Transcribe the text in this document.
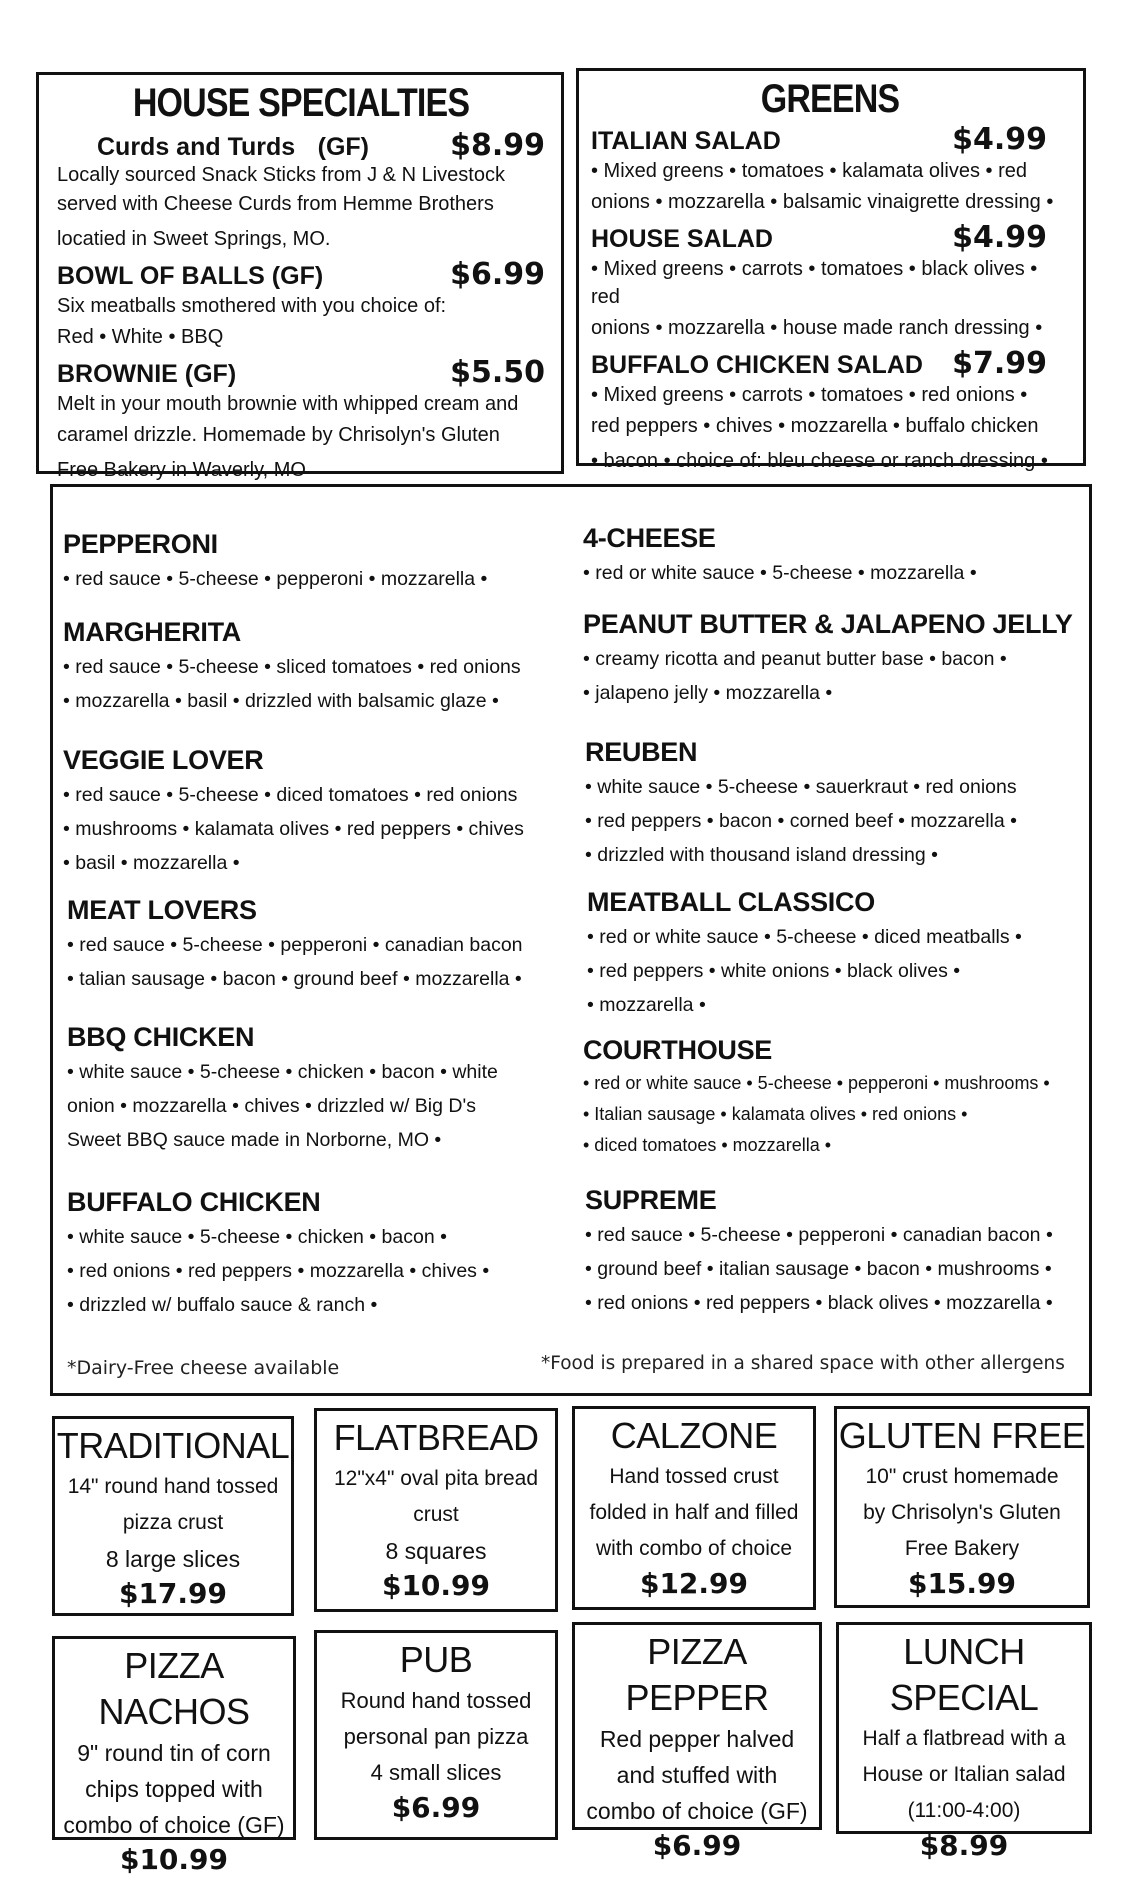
HOUSE SPECIALTIES
Curds and Turds (GF)	$8.99
Locally sourced Snack Sticks from J & N Livestock
served with Cheese Curds from Hemme Brothers
locatied in Sweet Springs, MO.
BOWL OF BALLS (GF)	$6.99
Six meatballs smothered with you choice of:
Red • White • BBQ
BROWNIE (GF)	$5.50
Melt in your mouth brownie with whipped cream and
caramel drizzle. Homemade by Chrisolyn's Gluten
Free Bakery in Waverly, MO
GREENS
ITALIAN SALAD	$4.99
• Mixed greens • tomatoes • kalamata olives • red
onions • mozzarella • balsamic vinaigrette dressing •
HOUSE SALAD	$4.99
• Mixed greens • carrots • tomatoes • black olives • red
onions • mozzarella • house made ranch dressing •
BUFFALO CHICKEN SALAD $7.99
• Mixed greens • carrots • tomatoes • red onions •
red peppers • chives • mozzarella • buffalo chicken
• bacon • choice of: bleu cheese or ranch dressing •
PEPPERONI
• red sauce • 5-cheese • pepperoni • mozzarella •
MARGHERITA
• red sauce • 5-cheese • sliced tomatoes • red onions
• mozzarella • basil • drizzled with balsamic glaze •
VEGGIE LOVER
• red sauce • 5-cheese • diced tomatoes • red onions
• mushrooms • kalamata olives • red peppers • chives
• basil • mozzarella •
MEAT LOVERS
• red sauce • 5-cheese • pepperoni • canadian bacon
• talian sausage • bacon • ground beef • mozzarella •
BBQ CHICKEN
• white sauce • 5-cheese • chicken • bacon • white
onion • mozzarella • chives • drizzled w/ Big D's
Sweet BBQ sauce made in Norborne, MO •
BUFFALO CHICKEN
• white sauce • 5-cheese • chicken • bacon •
• red onions • red peppers • mozzarella • chives •
• drizzled w/ buffalo sauce & ranch •
4-CHEESE
• red or white sauce • 5-cheese • mozzarella •
PEANUT BUTTER & JALAPENO JELLY
• creamy ricotta and peanut butter base • bacon •
• jalapeno jelly • mozzarella •
REUBEN
• white sauce • 5-cheese • sauerkraut • red onions
• red peppers • bacon • corned beef • mozzarella •
• drizzled with thousand island dressing •
MEATBALL CLASSICO
• red or white sauce • 5-cheese • diced meatballs •
• red peppers • white onions • black olives •
• mozzarella •
COURTHOUSE
• red or white sauce • 5-cheese • pepperoni • mushrooms •
• Italian sausage • kalamata olives • red onions •
• diced tomatoes • mozzarella •
SUPREME
• red sauce • 5-cheese • pepperoni • canadian bacon •
• ground beef • italian sausage • bacon • mushrooms •
• red onions • red peppers • black olives • mozzarella •
*Dairy-Free cheese available	*Food is prepared in a shared space with other allergens
TRADITIONAL
14" round hand tossed
pizza crust
8 large slices
$17.99
FLATBREAD
12"x4" oval pita bread
crust
8 squares
$10.99
CALZONE
Hand tossed crust
folded in half and filled
with combo of choice
$12.99
GLUTEN FREE
10" crust homemade
by Chrisolyn's Gluten
Free Bakery
$15.99
PIZZA NACHOS
9" round tin of corn
chips topped with
combo of choice (GF)
$10.99
PUB
Round hand tossed
personal pan pizza
4 small slices
$6.99
PIZZA PEPPER
Red pepper halved
and stuffed with
combo of choice (GF)
$6.99
LUNCH SPECIAL
Half a flatbread with a
House or Italian salad
(11:00-4:00)
$8.99
